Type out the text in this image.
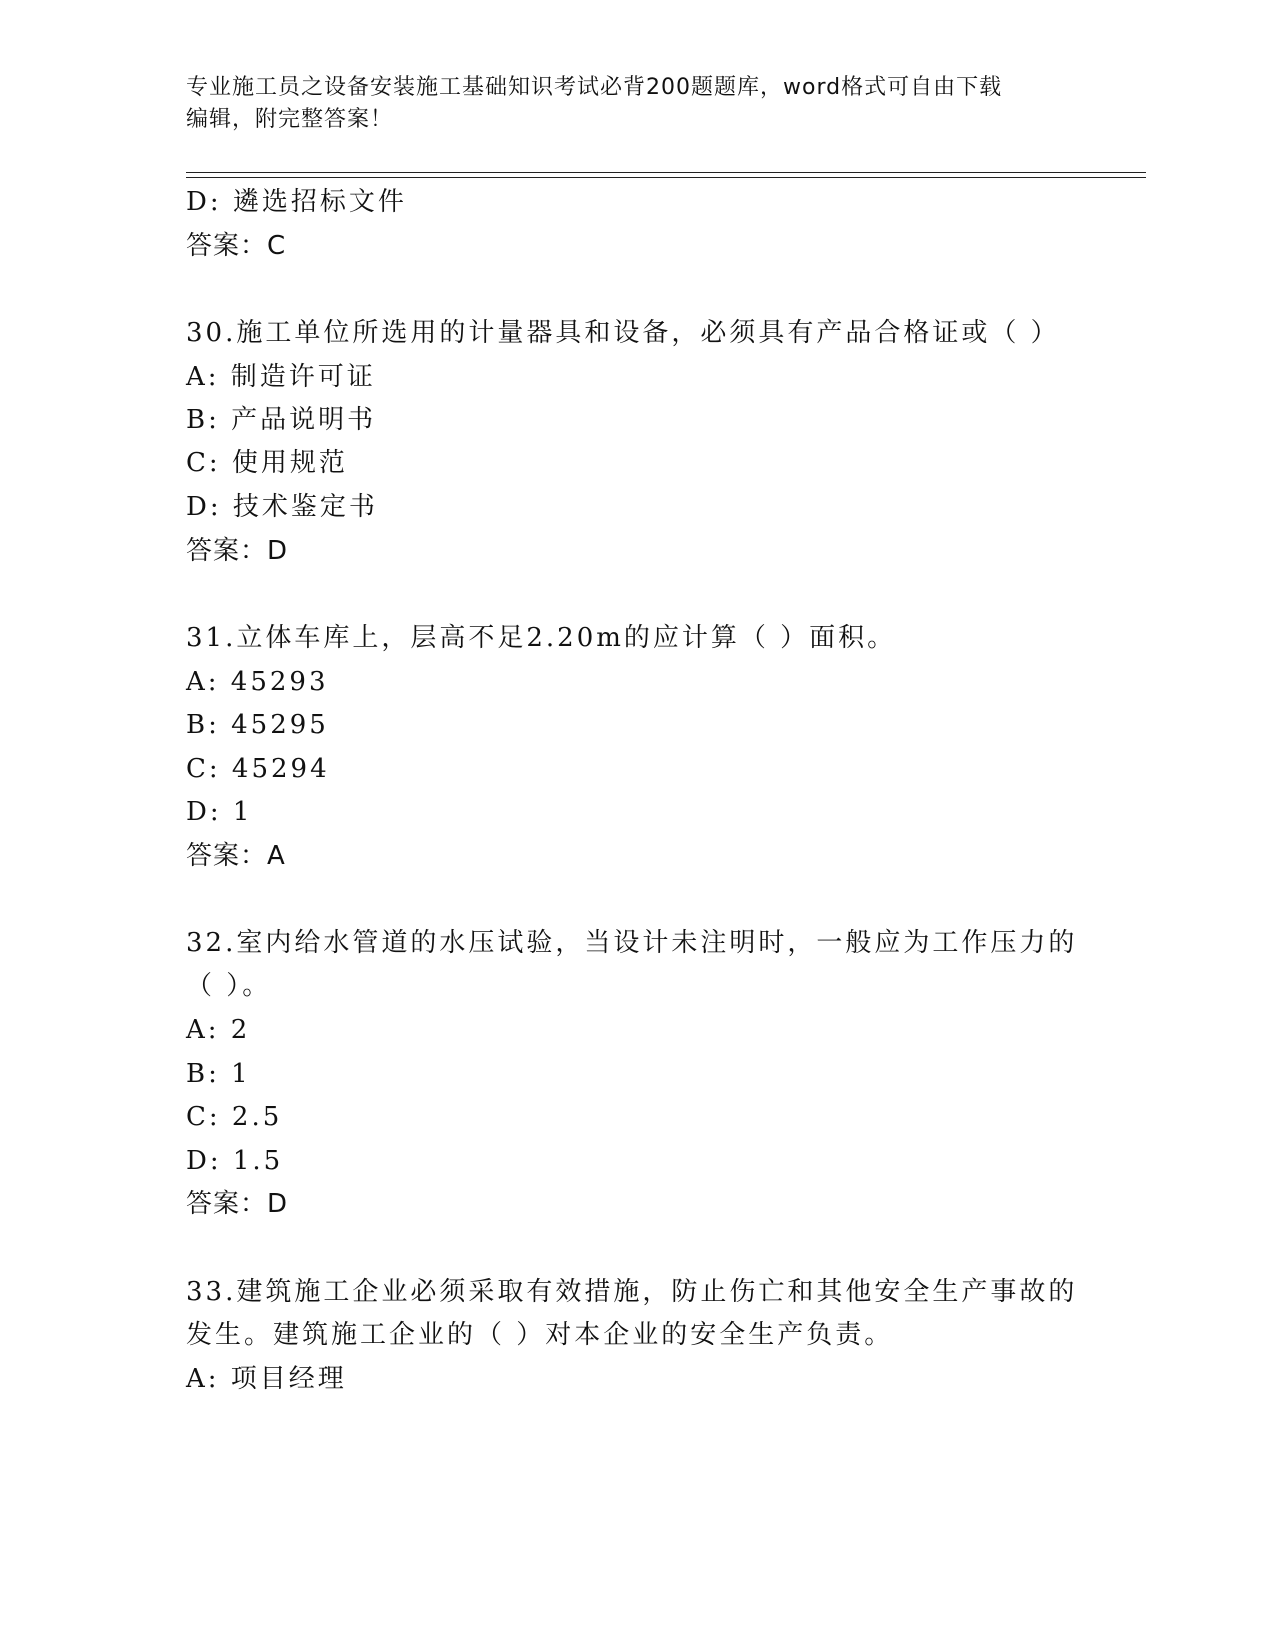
专业施工员之设备安装施工基础知识考试必背200题题库，word格式可自由下载
编辑，附完整答案！
D: 遴选招标文件
答案：C
30.施工单位所选用的计量器具和设备，必须具有产品合格证或（ ）
A: 制造许可证
B: 产品说明书
C: 使用规范
D: 技术鉴定书
答案：D
31.立体车库上，层高不足2.20m的应计算（ ）面积。
A: 45293
B: 45295
C: 45294
D: 1
答案：A
32.室内给水管道的水压试验，当设计未注明时，一般应为工作压力的
（ ）。
A: 2
B: 1
C: 2.5
D: 1.5
答案：D
33.建筑施工企业必须采取有效措施，防止伤亡和其他安全生产事故的
发生。建筑施工企业的（ ）对本企业的安全生产负责。
A: 项目经理
